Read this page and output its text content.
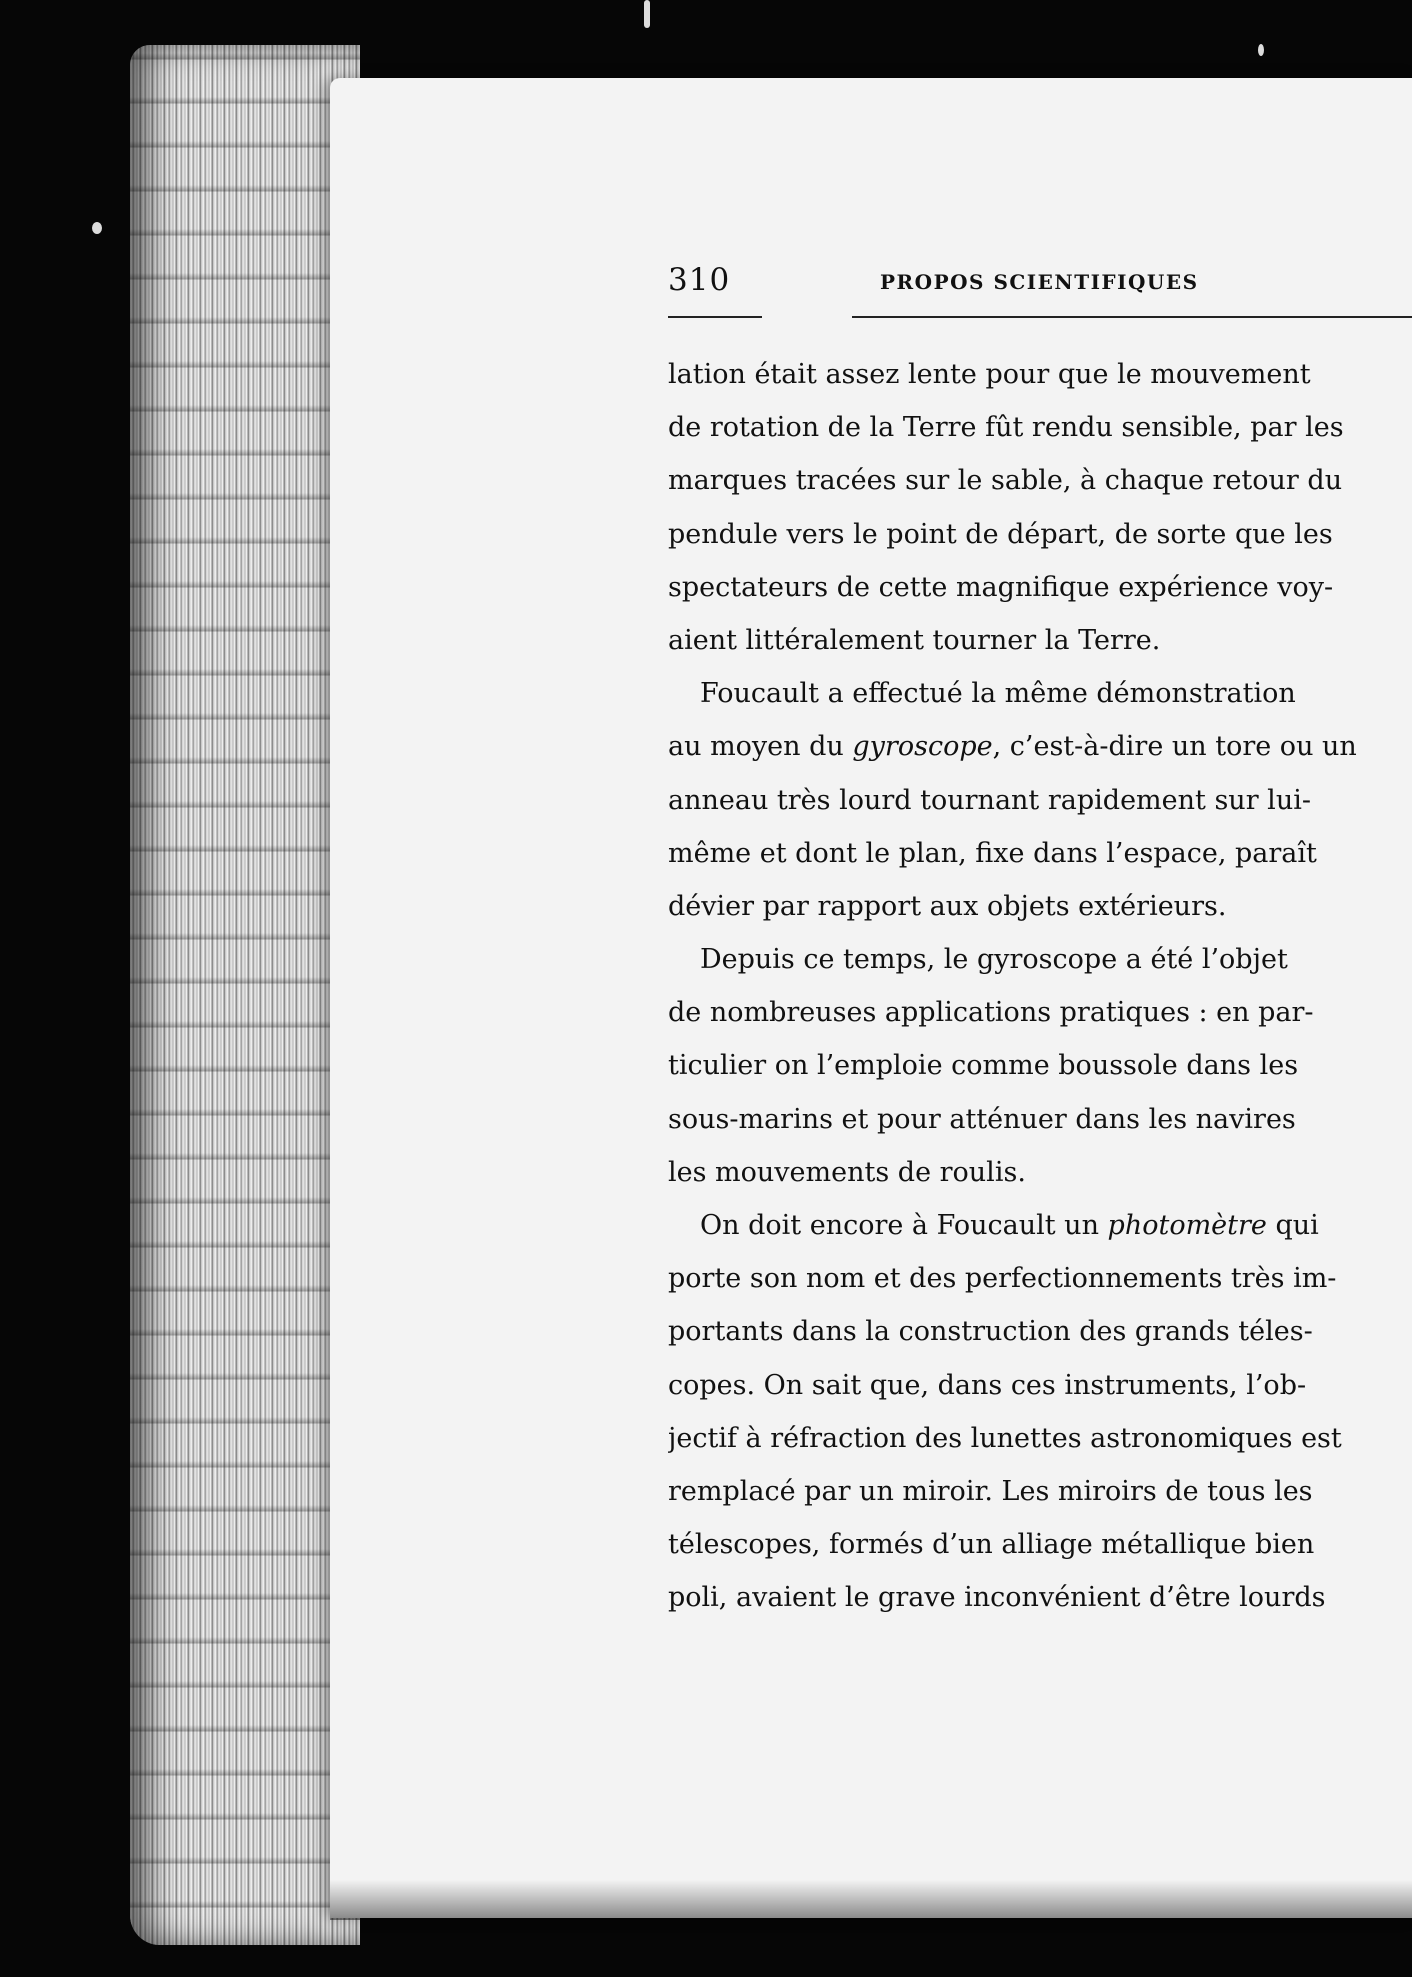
310	PROPOS SCIENTIFIQUES
lation était assez lente pour que le mouvement
de rotation de la Terre fût rendu sensible, par les
marques tracées sur le sable, à chaque retour du
pendule vers le point de départ, de sorte que les
spectateurs de cette magnifique expérience voy-
aient littéralement tourner la Terre.
Foucault a effectué la même démonstration
au moyen du gyroscope, c’est-à-dire un tore ou un
anneau très lourd tournant rapidement sur lui-
même et dont le plan, fixe dans l’espace, paraît
dévier par rapport aux objets extérieurs.
Depuis ce temps, le gyroscope a été l’objet
de nombreuses applications pratiques : en par-
ticulier on l’emploie comme boussole dans les
sous-marins et pour atténuer dans les navires
les mouvements de roulis.
On doit encore à Foucault un photomètre qui
porte son nom et des perfectionnements très im-
portants dans la construction des grands téles-
copes. On sait que, dans ces instruments, l’ob-
jectif à réfraction des lunettes astronomiques est
remplacé par un miroir. Les miroirs de tous les
télescopes, formés d’un alliage métallique bien
poli, avaient le grave inconvénient d’être lourds
